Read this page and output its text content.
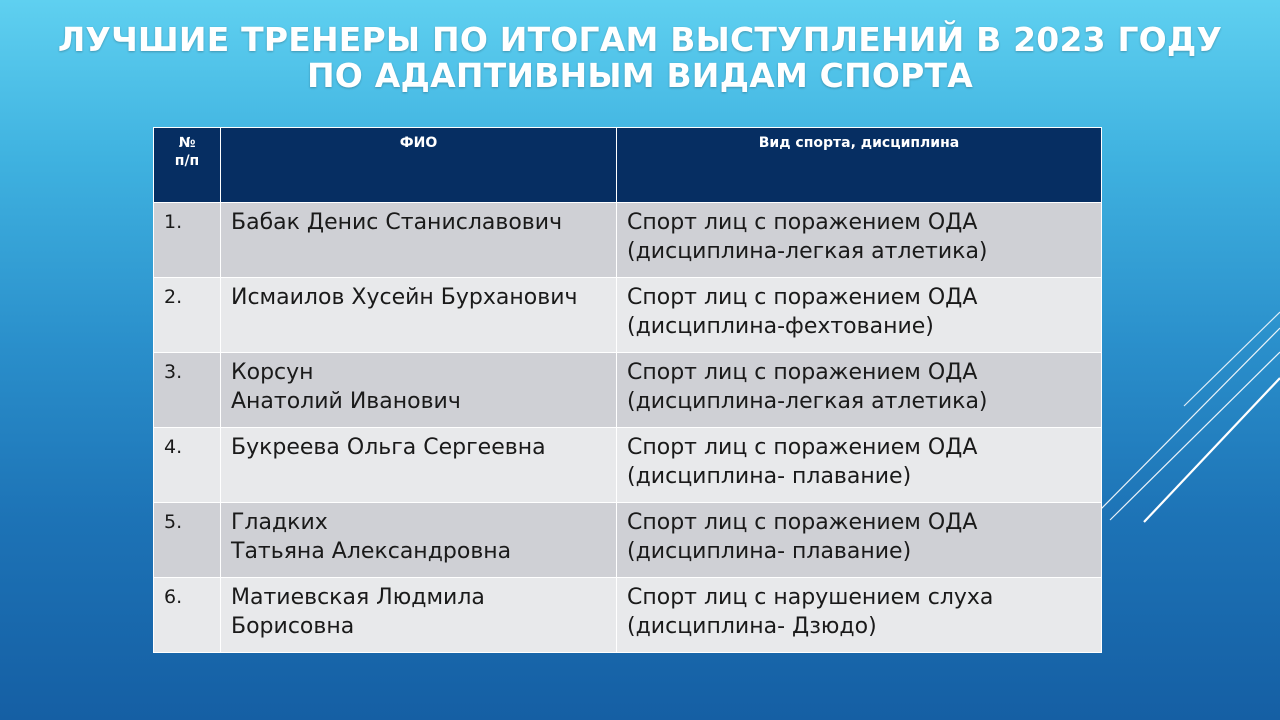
ЛУЧШИЕ ТРЕНЕРЫ ПО ИТОГАМ ВЫСТУПЛЕНИЙ В 2023 ГОДУ
ПО АДАПТИВНЫМ ВИДАМ СПОРТА
№
п/п	ФИО	Вид спорта, дисциплина
1.	Бабак Денис Станиславович	Спорт лиц с поражением ОДА
(дисциплина-легкая атлетика)

2.	Исмаилов Хусейн Бурханович	Спорт лиц с поражением ОДА
(дисциплина-фехтование)

3.	Корсун
Анатолий Иванович	Спорт лиц с поражением ОДА
(дисциплина-легкая атлетика)

4.	Букреева Ольга Сергеевна	Спорт лиц с поражением ОДА
(дисциплина- плавание)

5.	Гладких
Татьяна Александровна	Спорт лиц с поражением ОДА
(дисциплина- плавание)

6.	Матиевская Людмила
Борисовна	Спорт лиц с нарушением слуха
(дисциплина- Дзюдо)
